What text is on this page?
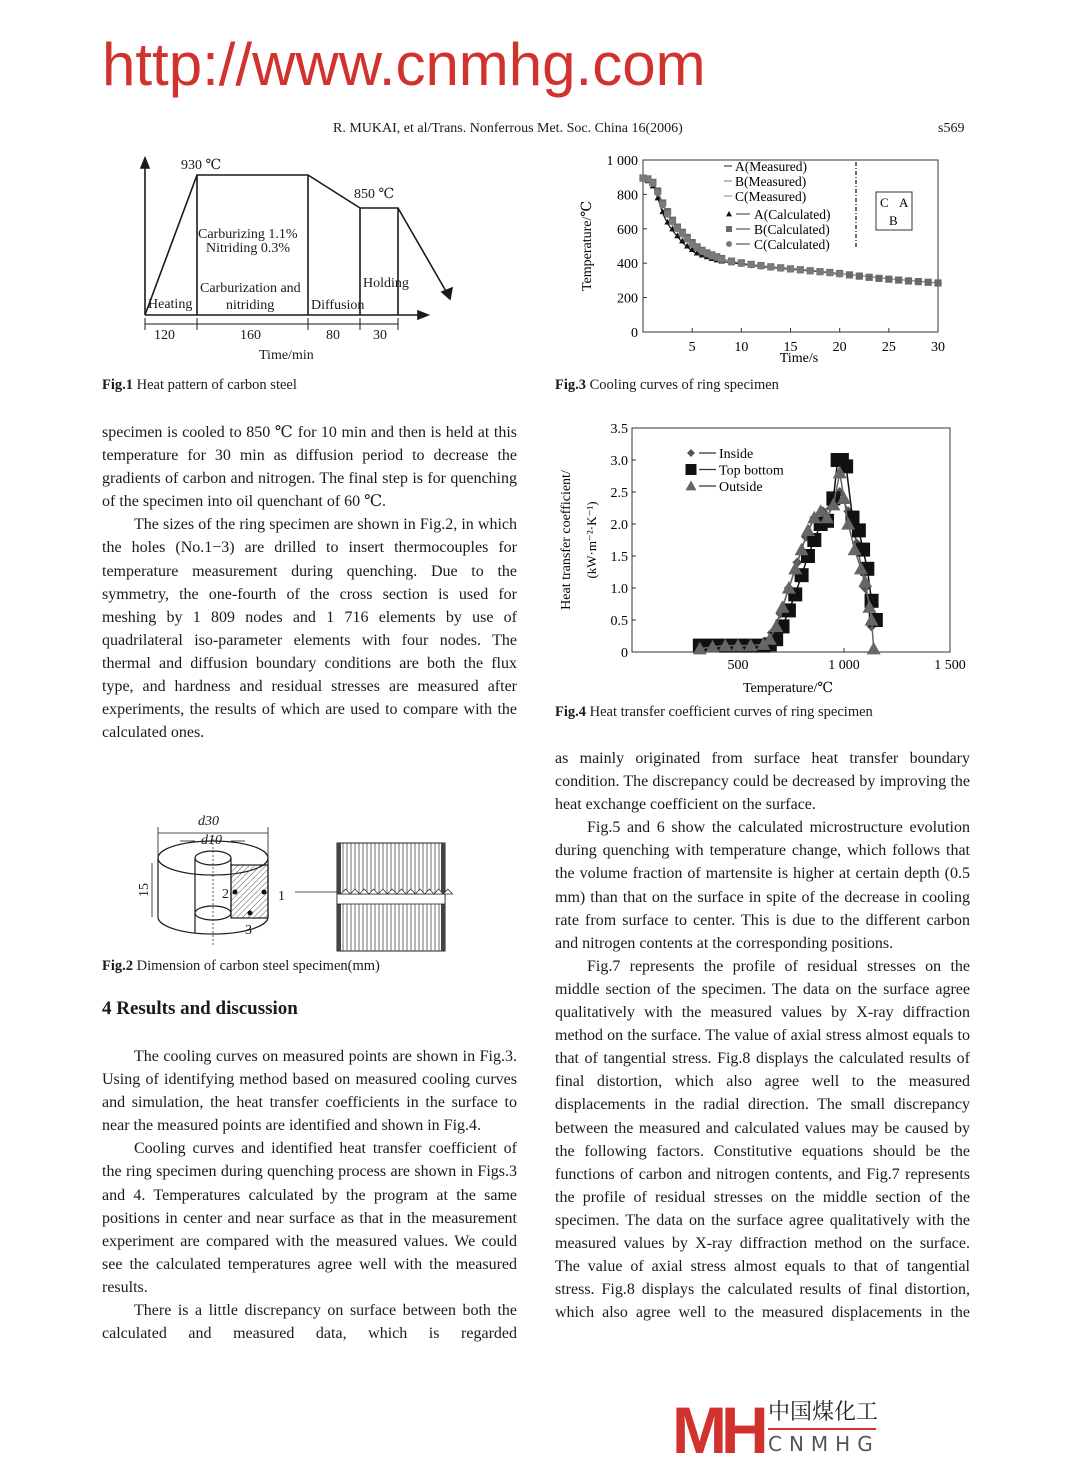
R. MUKAI, et al/Trans. Nonferrous Met. Soc. China 16(2006)	s569
930 ℃
850 ℃
Carburizing 1.1%
Nitriding 0.3%
Heating
Carburization and
nitriding	Diffusion
Holding
120	160	80 30
Time/min
Fig.1 Heat pattern of carbon steel
200
400
600
800
1 000
5	10	15	20	25	30
0
Time/s
Temperature/℃	C A
B
A(Measured)
B(Measured)
C(Measured)
A(Calculated)
B(Calculated)
C(Calculated)
Fig.3 Cooling curves of ring specimen
0
0.5
1.0
1.5
2.0
2.5
3.0
3.5
500	1 000	1 500
Temperature/℃
Heat transfer coefficient/ (kW·m⁻²·K⁻¹)
Inside
Top bottom
Outside
Fig.4 Heat transfer coefficient curves of ring specimen

specimen is cooled to 850 ℃ for 10 min and then is held at this temperature for 30 min as diffusion period to decrease the gradients of carbon and nitrogen. The final step is for quenching of the specimen into oil quenchant of 60 ℃.

The sizes of the ring specimen are shown in Fig.2, in which the holes (No.1−3) are drilled to insert thermocouples for temperature measurement during quenching. Due to the symmetry, the one-fourth of the cross section is used for meshing by 1 809 nodes and 1 716 elements by use of quadrilateral iso-parameter elements with four nodes. The thermal and diffusion boundary conditions are both the flux type, and hardness and residual stresses are measured after experiments, the results of which are used to compare with the calculated ones.

d30
d10
15	2
3
1
Fig.2 Dimension of carbon steel specimen(mm)
4 Results and discussion

The cooling curves on measured points are shown in Fig.3. Using of identifying method based on measured cooling curves and simulation, the heat transfer coefficients in the surface to near the measured points are identified and shown in Fig.4.

Cooling curves and identified heat transfer coefficient of the ring specimen during quenching process are shown in Figs.3 and 4. Temperatures calculated by the program at the same positions in center and near surface as that in the measurement experiment are compared with the measured values. We could see the calculated temperatures agree well with the measured results.

There is a little discrepancy on surface between both the calculated and measured data, which is regarded

as mainly originated from surface heat transfer boundary condition. The discrepancy could be decreased by improving the heat exchange coefficient on the surface.

Fig.5 and 6 show the calculated microstructure evolution during quenching with temperature change, which follows that the volume fraction of martensite is higher at certain depth (0.5 mm) than that on the surface in spite of the decrease in cooling rate from surface to center. This is due to the different carbon and nitrogen contents at the corresponding positions.

Fig.7 represents the profile of residual stresses on the middle section of the specimen. The data on the surface agree qualitatively with the measured values by X-ray diffraction method on the surface. The value of axial stress almost equals to that of tangential stress. Fig.8 displays the calculated results of final distortion, which also agree well to the measured displacements in the radial direction. The small discrepancy between the measured and calculated values may be caused by the following factors. Constitutive equations should be the functions of carbon and nitrogen contents, and Fig.7 represents the profile of residual stresses on the middle section of the specimen. The data on the surface agree qualitatively with the measured values by X-ray diffraction method on the surface. The value of axial stress almost equals to that of tangential stress. Fig.8 displays the calculated results of final distortion, which also agree well to the measured displacements in the

http://www.cnmhg.com
MH 中国煤化工
CNMHG
